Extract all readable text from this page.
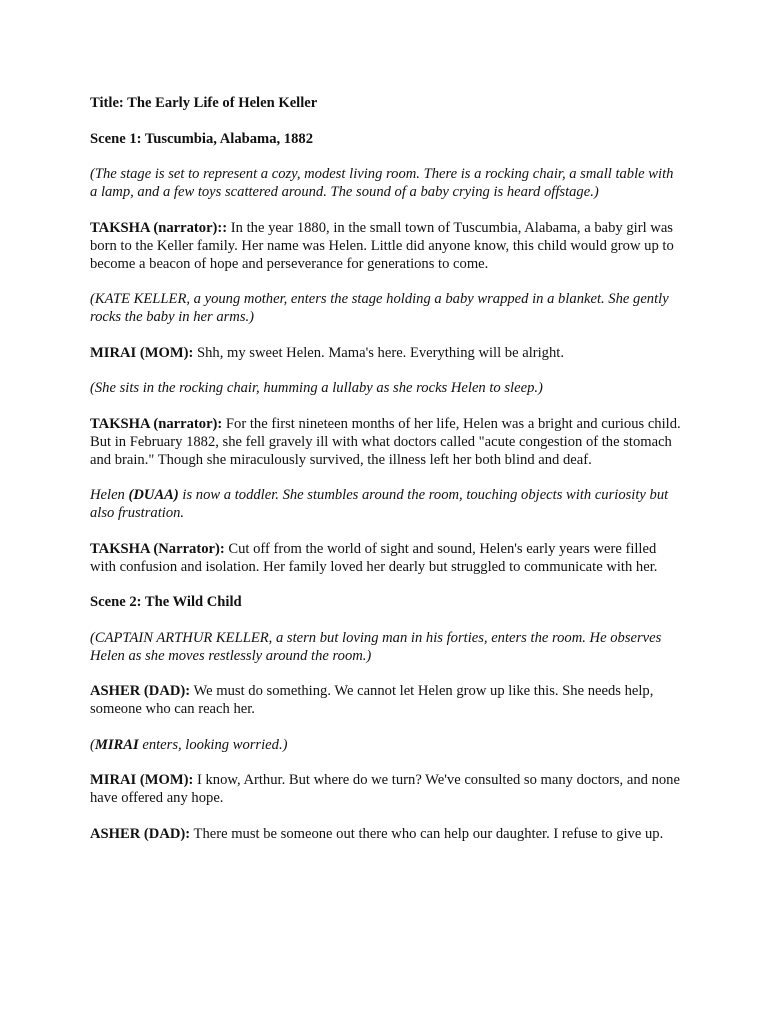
Title: The Early Life of Helen Keller

Scene 1: Tuscumbia, Alabama, 1882

(The stage is set to represent a cozy, modest living room. There is a rocking chair, a small table with a lamp, and a few toys scattered around. The sound of a baby crying is heard offstage.)

TAKSHA (narrator):: In the year 1880, in the small town of Tuscumbia, Alabama, a baby girl was born to the Keller family. Her name was Helen. Little did anyone know, this child would grow up to become a beacon of hope and perseverance for generations to come.

(KATE KELLER, a young mother, enters the stage holding a baby wrapped in a blanket. She gently rocks the baby in her arms.)

MIRAI (MOM): Shh, my sweet Helen. Mama's here. Everything will be alright.

(She sits in the rocking chair, humming a lullaby as she rocks Helen to sleep.)

TAKSHA (narrator): For the first nineteen months of her life, Helen was a bright and curious child. But in February 1882, she fell gravely ill with what doctors called "acute congestion of the stomach and brain." Though she miraculously survived, the illness left her both blind and deaf.

Helen (DUAA) is now a toddler. She stumbles around the room, touching objects with curiosity but also frustration.

TAKSHA (Narrator): Cut off from the world of sight and sound, Helen's early years were filled with confusion and isolation. Her family loved her dearly but struggled to communicate with her.

Scene 2: The Wild Child

(CAPTAIN ARTHUR KELLER, a stern but loving man in his forties, enters the room. He observes Helen as she moves restlessly around the room.)

ASHER (DAD): We must do something. We cannot let Helen grow up like this. She needs help, someone who can reach her.

(MIRAI enters, looking worried.)

MIRAI (MOM): I know, Arthur. But where do we turn? We've consulted so many doctors, and none have offered any hope.

ASHER (DAD): There must be someone out there who can help our daughter. I refuse to give up.
